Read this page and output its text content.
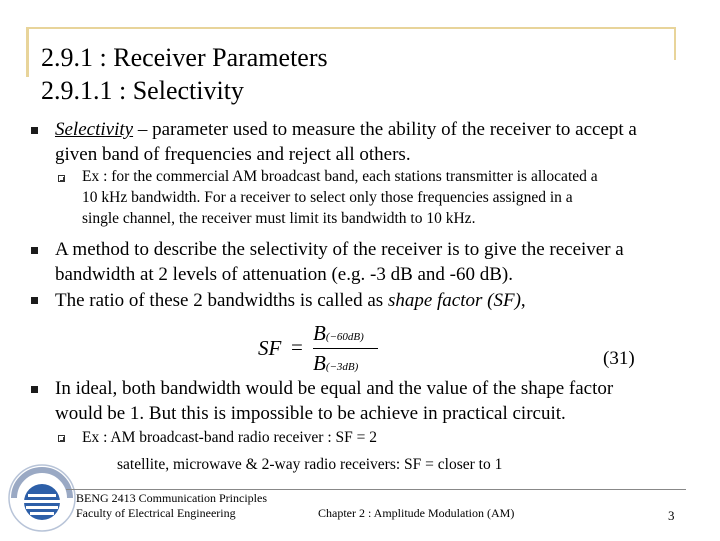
2.9.1 : Receiver Parameters
2.9.1.1 : Selectivity
Selectivity – parameter used to measure the ability of the receiver to accept a
given band of frequencies and reject all others.
Ex : for the commercial AM broadcast band, each stations transmitter is allocated a
10 kHz bandwidth. For a receiver to select only those frequencies assigned in a
single channel, the receiver must limit its bandwidth to 10 kHz.
A method to describe the selectivity of the receiver is to give the receiver a
bandwidth at 2 levels of attenuation (e.g. -3 dB and -60 dB).
The ratio of these 2 bandwidths is called as shape factor (SF),
SF =
B(−60dB)
B(−3dB)	(31)
In ideal, both bandwidth would be equal and the value of the shape factor
would be 1. But this is impossible to be achieve in practical circuit.
Ex : AM broadcast-band radio receiver : SF = 2
satellite, microwave & 2-way radio receivers: SF = closer to 1
BENG 2413 Communication Principles
Faculty of Electrical Engineering	Chapter 2 : Amplitude Modulation (AM)	3
